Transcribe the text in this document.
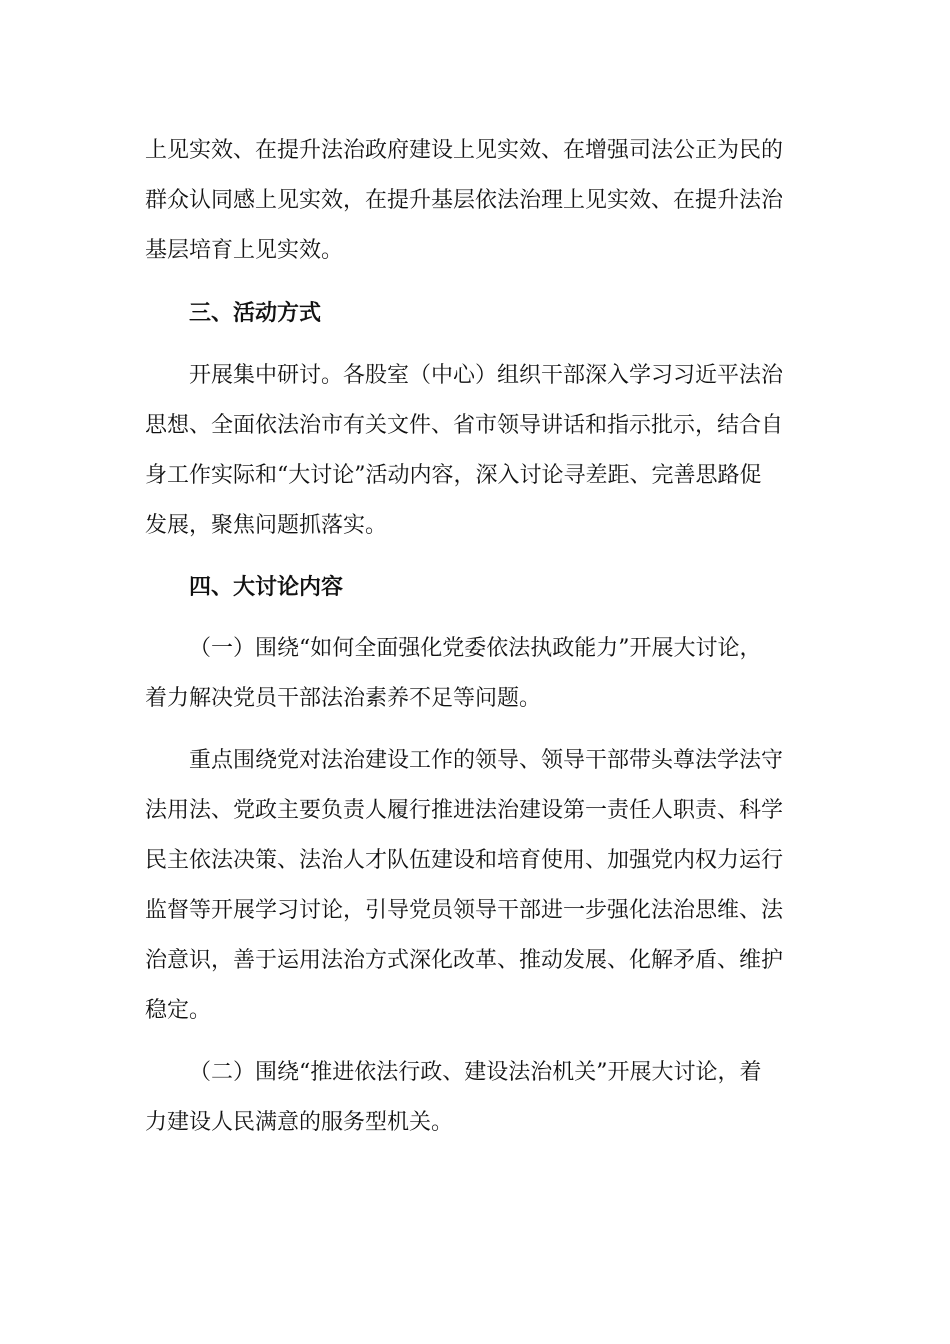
上见实效、在提升法治政府建设上见实效、在增强司法公正为民的
群众认同感上见实效，在提升基层依法治理上见实效、在提升法治
基层培育上见实效。
三、活动方式
开展集中研讨。各股室（中心）组织干部深入学习习近平法治
思想、全面依法治市有关文件、省市领导讲话和指示批示，结合自
身工作实际和“大讨论”活动内容，深入讨论寻差距、完善思路促
发展，聚焦问题抓落实。
四、大讨论内容
（一）围绕“如何全面强化党委依法执政能力”开展大讨论，
着力解决党员干部法治素养不足等问题。
重点围绕党对法治建设工作的领导、领导干部带头尊法学法守
法用法、党政主要负责人履行推进法治建设第一责任人职责、科学
民主依法决策、法治人才队伍建设和培育使用、加强党内权力运行
监督等开展学习讨论，引导党员领导干部进一步强化法治思维、法
治意识，善于运用法治方式深化改革、推动发展、化解矛盾、维护
稳定。
（二）围绕“推进依法行政、建设法治机关”开展大讨论，着
力建设人民满意的服务型机关。
